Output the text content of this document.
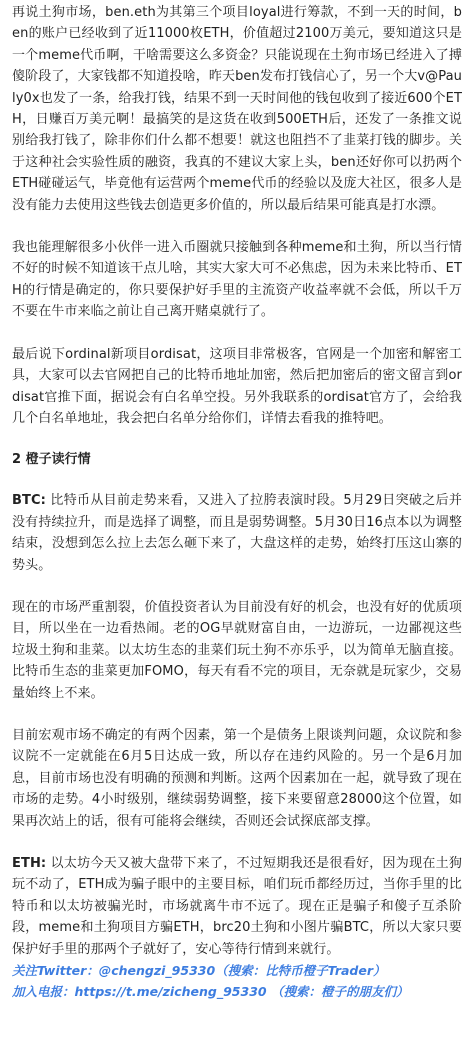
再说土狗市场，ben.eth为其第三个项目loyal进行筹款，不到一天的时间，ben的账户已经收到了近11000枚ETH，价值超过2100万美元，要知道这只是一个meme代币啊，干啥需要这么多资金？只能说现在土狗市场已经进入了搏傻阶段了，大家钱都不知道投啥，昨天ben发布打钱信心了，另一个大v@Pauly0x也发了一条，给我打钱，结果不到一天时间他的钱包收到了接近600个ETH，日赚百万美元啊！最搞笑的是这货在收到500ETH后，还发了一条推文说别给我打钱了，除非你们什么都不想要！就这也阻挡不了韭菜打钱的脚步。关于这种社会实验性质的融资，我真的不建议大家上头，ben还好你可以扔两个ETH碰碰运气，毕竟他有运营两个meme代币的经验以及庞大社区，很多人是没有能力去使用这些钱去创造更多价值的，所以最后结果可能真是打水漂。

我也能理解很多小伙伴一进入币圈就只接触到各种meme和土狗，所以当行情不好的时候不知道该干点儿啥，其实大家大可不必焦虑，因为未来比特币、ETH的行情是确定的，你只要保护好手里的主流资产收益率就不会低，所以千万不要在牛市来临之前让自己离开赌桌就行了。

最后说下ordinal新项目ordisat，这项目非常极客，官网是一个加密和解密工具，大家可以去官网把自己的比特币地址加密，然后把加密后的密文留言到ordisat官推下面，据说会有白名单空投。另外我联系的ordisat官方了，会给我几个白名单地址，我会把白名单分给你们，详情去看我的推特吧。

2 橙子读行情

BTC: 比特币从目前走势来看，又进入了拉胯表演时段。5月29日突破之后并没有持续拉升，而是选择了调整，而且是弱势调整。5月30日16点本以为调整结束，没想到怎么拉上去怎么砸下来了，大盘这样的走势，始终打压这山寨的势头。

现在的市场严重割裂，价值投资者认为目前没有好的机会，也没有好的优质项目，所以坐在一边看热闹。老的OG早就财富自由，一边游玩，一边鄙视这些垃圾土狗和韭菜。以太坊生态的韭菜们玩土狗不亦乐乎，以为简单无脑直接。比特币生态的韭菜更加FOMO，每天有看不完的项目，无奈就是玩家少，交易量始终上不来。

目前宏观市场不确定的有两个因素，第一个是债务上限谈判问题，众议院和参议院不一定就能在6月5日达成一致，所以存在违约风险的。另一个是6月加息，目前市场也没有明确的预测和判断。这两个因素加在一起，就导致了现在市场的走势。4小时级别，继续弱势调整，接下来要留意28000这个位置，如果再次站上的话，很有可能将会继续，否则还会试探底部支撑。

ETH: 以太坊今天又被大盘带下来了，不过短期我还是很看好，因为现在土狗玩不动了，ETH成为骗子眼中的主要目标，咱们玩币都经历过，当你手里的比特币和以太坊被骗光时，市场就离牛市不远了。现在正是骗子和傻子互杀阶段，meme和土狗项目方骗ETH，brc20土狗和小图片骗BTC，所以大家只要保护好手里的那两个子就好了，安心等待行情到来就行。

关注Twitter：@chengzi_95330（搜索：比特币橙子Trader）

加入电报：https://t.me/zicheng_95330 （搜索：橙子的朋友们）
